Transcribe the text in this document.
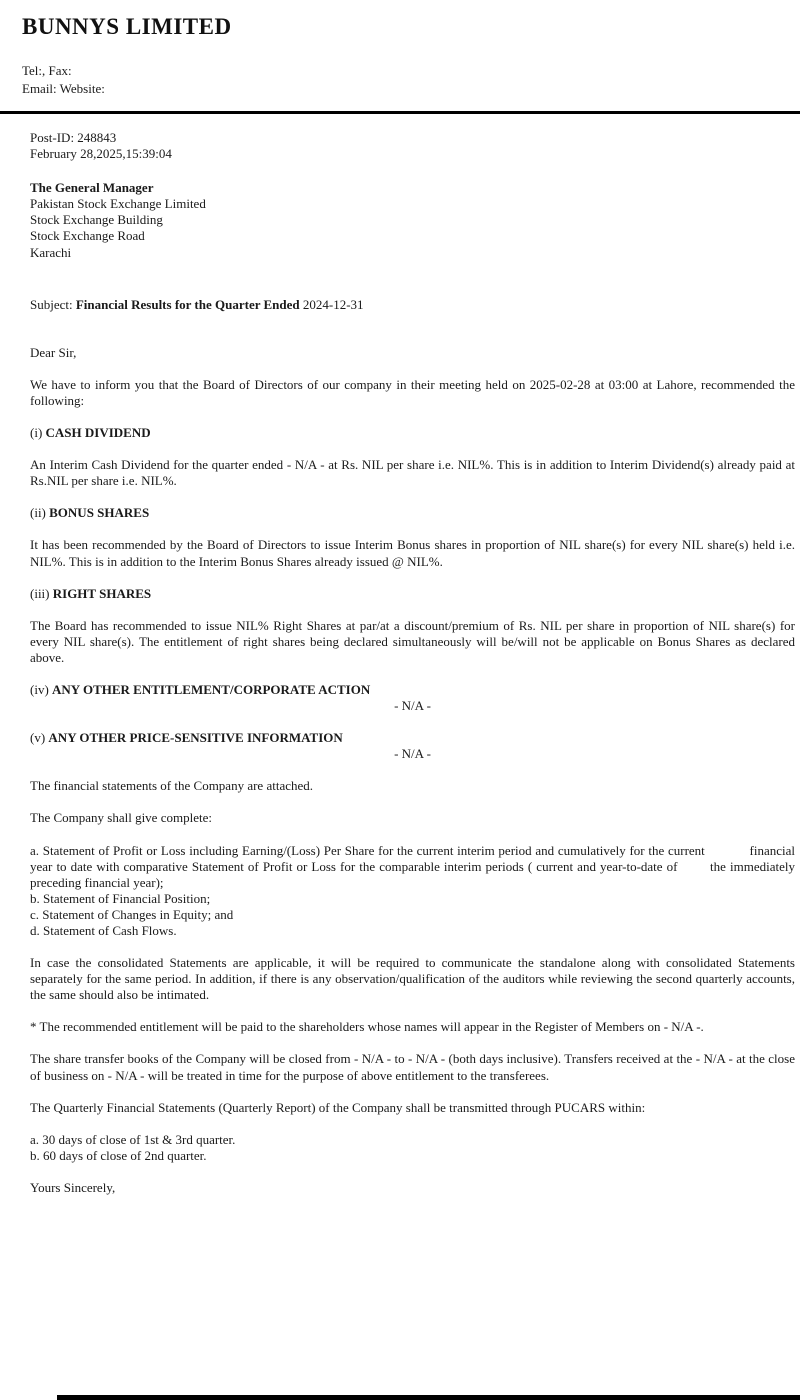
BUNNYS LIMITED
Tel:, Fax:
Email: Website:
Post-ID: 248843
February 28,2025,15:39:04
The General Manager
Pakistan Stock Exchange Limited
Stock Exchange Building
Stock Exchange Road
Karachi
Subject: Financial Results for the Quarter Ended 2024-12-31

Dear Sir,

We have to inform you that the Board of Directors of our company in their meeting held on 2025-02-28 at 03:00 at Lahore, recommended the following:

(i) CASH DIVIDEND

An Interim Cash Dividend for the quarter ended - N/A - at Rs. NIL per share i.e. NIL%. This is in addition to Interim Dividend(s) already paid at Rs.NIL per share i.e. NIL%.

(ii) BONUS SHARES

It has been recommended by the Board of Directors to issue Interim Bonus shares in proportion of NIL share(s) for every NIL share(s) held i.e. NIL%. This is in addition to the Interim Bonus Shares already issued @ NIL%.

(iii) RIGHT SHARES

The Board has recommended to issue NIL% Right Shares at par/at a discount/premium of Rs. NIL per share in proportion of NIL share(s) for every NIL share(s). The entitlement of right shares being declared simultaneously will be/will not be applicable on Bonus Shares as declared above.

(iv) ANY OTHER ENTITLEMENT/CORPORATE ACTION
- N/A -
(v) ANY OTHER PRICE-SENSITIVE INFORMATION
- N/A -

The financial statements of the Company are attached.

The Company shall give complete:

a. Statement of Profit or Loss including Earning/(Loss) Per Share for the current interim period and cumulatively for the current            financial year to date with comparative Statement of Profit or Loss for the comparable interim periods ( current and year-to-date of        the immediately preceding financial year);
b. Statement of Financial Position;
c. Statement of Changes in Equity; and
d. Statement of Cash Flows.

In case the consolidated Statements are applicable, it will be required to communicate the standalone along with consolidated Statements separately for the same period. In addition, if there is any observation/qualification of the auditors while reviewing the second quarterly accounts, the same should also be intimated.

* The recommended entitlement will be paid to the shareholders whose names will appear in the Register of Members on - N/A -.

The share transfer books of the Company will be closed from - N/A - to - N/A - (both days inclusive). Transfers received at the - N/A - at the close of business on - N/A - will be treated in time for the purpose of above entitlement to the transferees.

The Quarterly Financial Statements (Quarterly Report) of the Company shall be transmitted through PUCARS within:

a. 30 days of close of 1st & 3rd quarter.
b. 60 days of close of 2nd quarter.

Yours Sincerely,
